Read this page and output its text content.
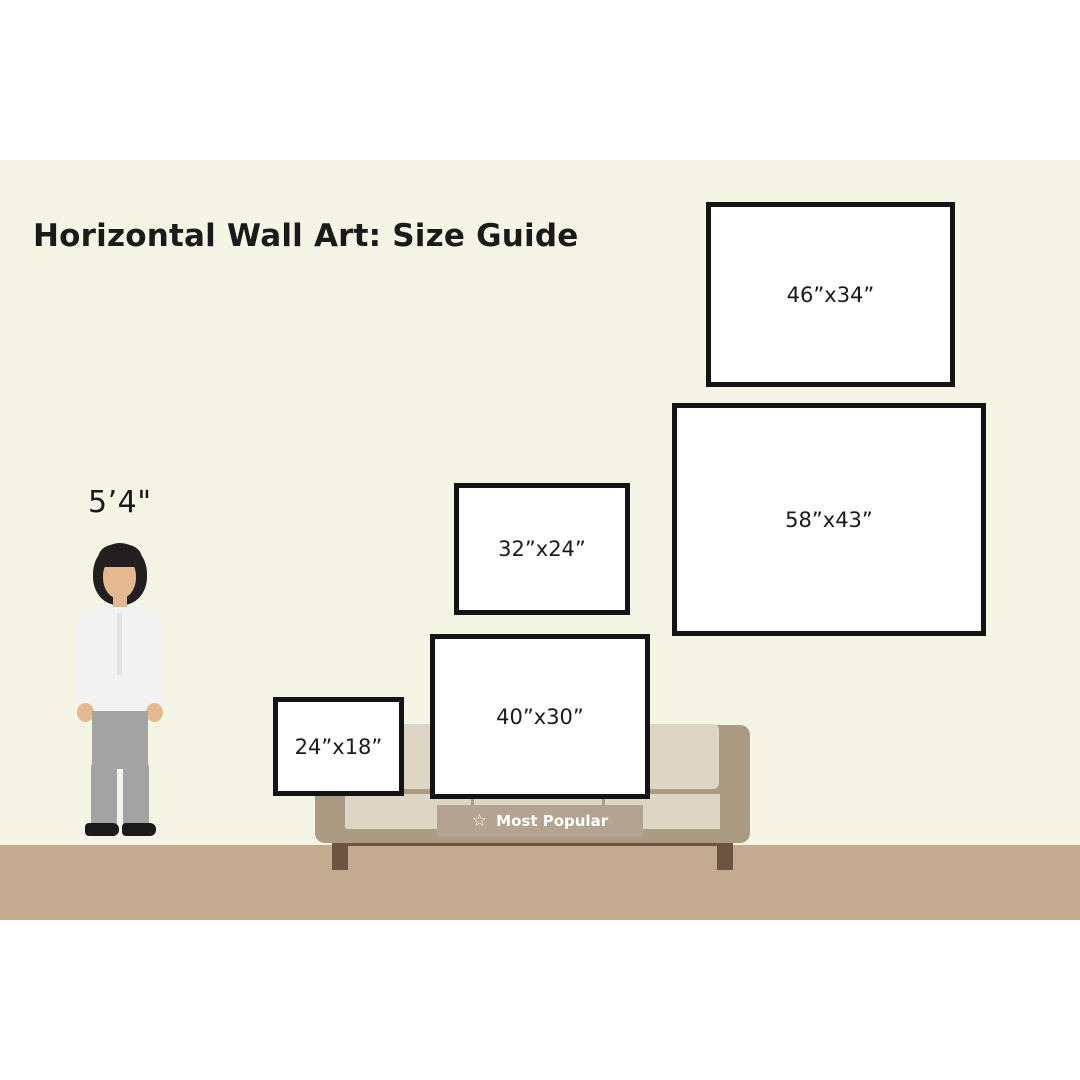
Horizontal Wall Art: Size Guide
5’4"
24”x18”
32”x24”
40”x30”
46”x34”
58”x43”
☆ Most Popular
